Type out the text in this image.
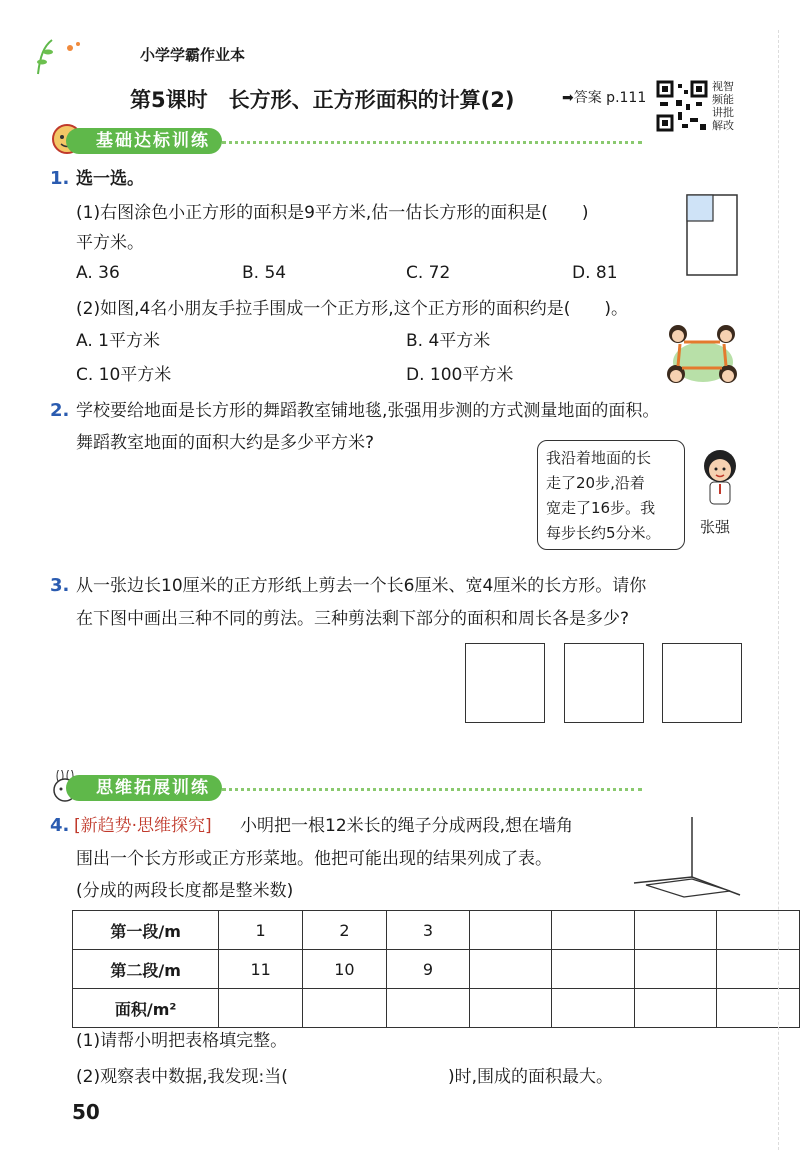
小学学霸作业本
第5课时　长方形、正方形面积的计算(2)	➡答案 p.111
视智
频能
讲批
解改
基础达标训练
1. 选一选。
(1)右图涂色小正方形的面积是9平方米,估一估长方形的面积是(　　)
平方米。
A. 36	B. 54	C. 72	D. 81
(2)如图,4名小朋友手拉手围成一个正方形,这个正方形的面积约是(　　)。
A. 1平方米	B. 4平方米
C. 10平方米	D. 100平方米
2. 学校要给地面是长方形的舞蹈教室铺地毯,张强用步测的方式测量地面的面积。
舞蹈教室地面的面积大约是多少平方米?
我沿着地面的长
走了20步,沿着
宽走了16步。我
每步长约5分米。	张强
3. 从一张边长10厘米的正方形纸上剪去一个长6厘米、宽4厘米的长方形。请你
在下图中画出三种不同的剪法。三种剪法剩下部分的面积和周长各是多少?
思维拓展训练
4. [新趋势·思维探究] 小明把一根12米长的绳子分成两段,想在墙角
围出一个长方形或正方形菜地。他把可能出现的结果列成了表。
(分成的两段长度都是整米数)
第一段/m	1	2	3				
第二段/m	11	10	9				
面积/m²							
(1)请帮小明把表格填完整。
(2)观察表中数据,我发现:当(	)时,围成的面积最大。
50
